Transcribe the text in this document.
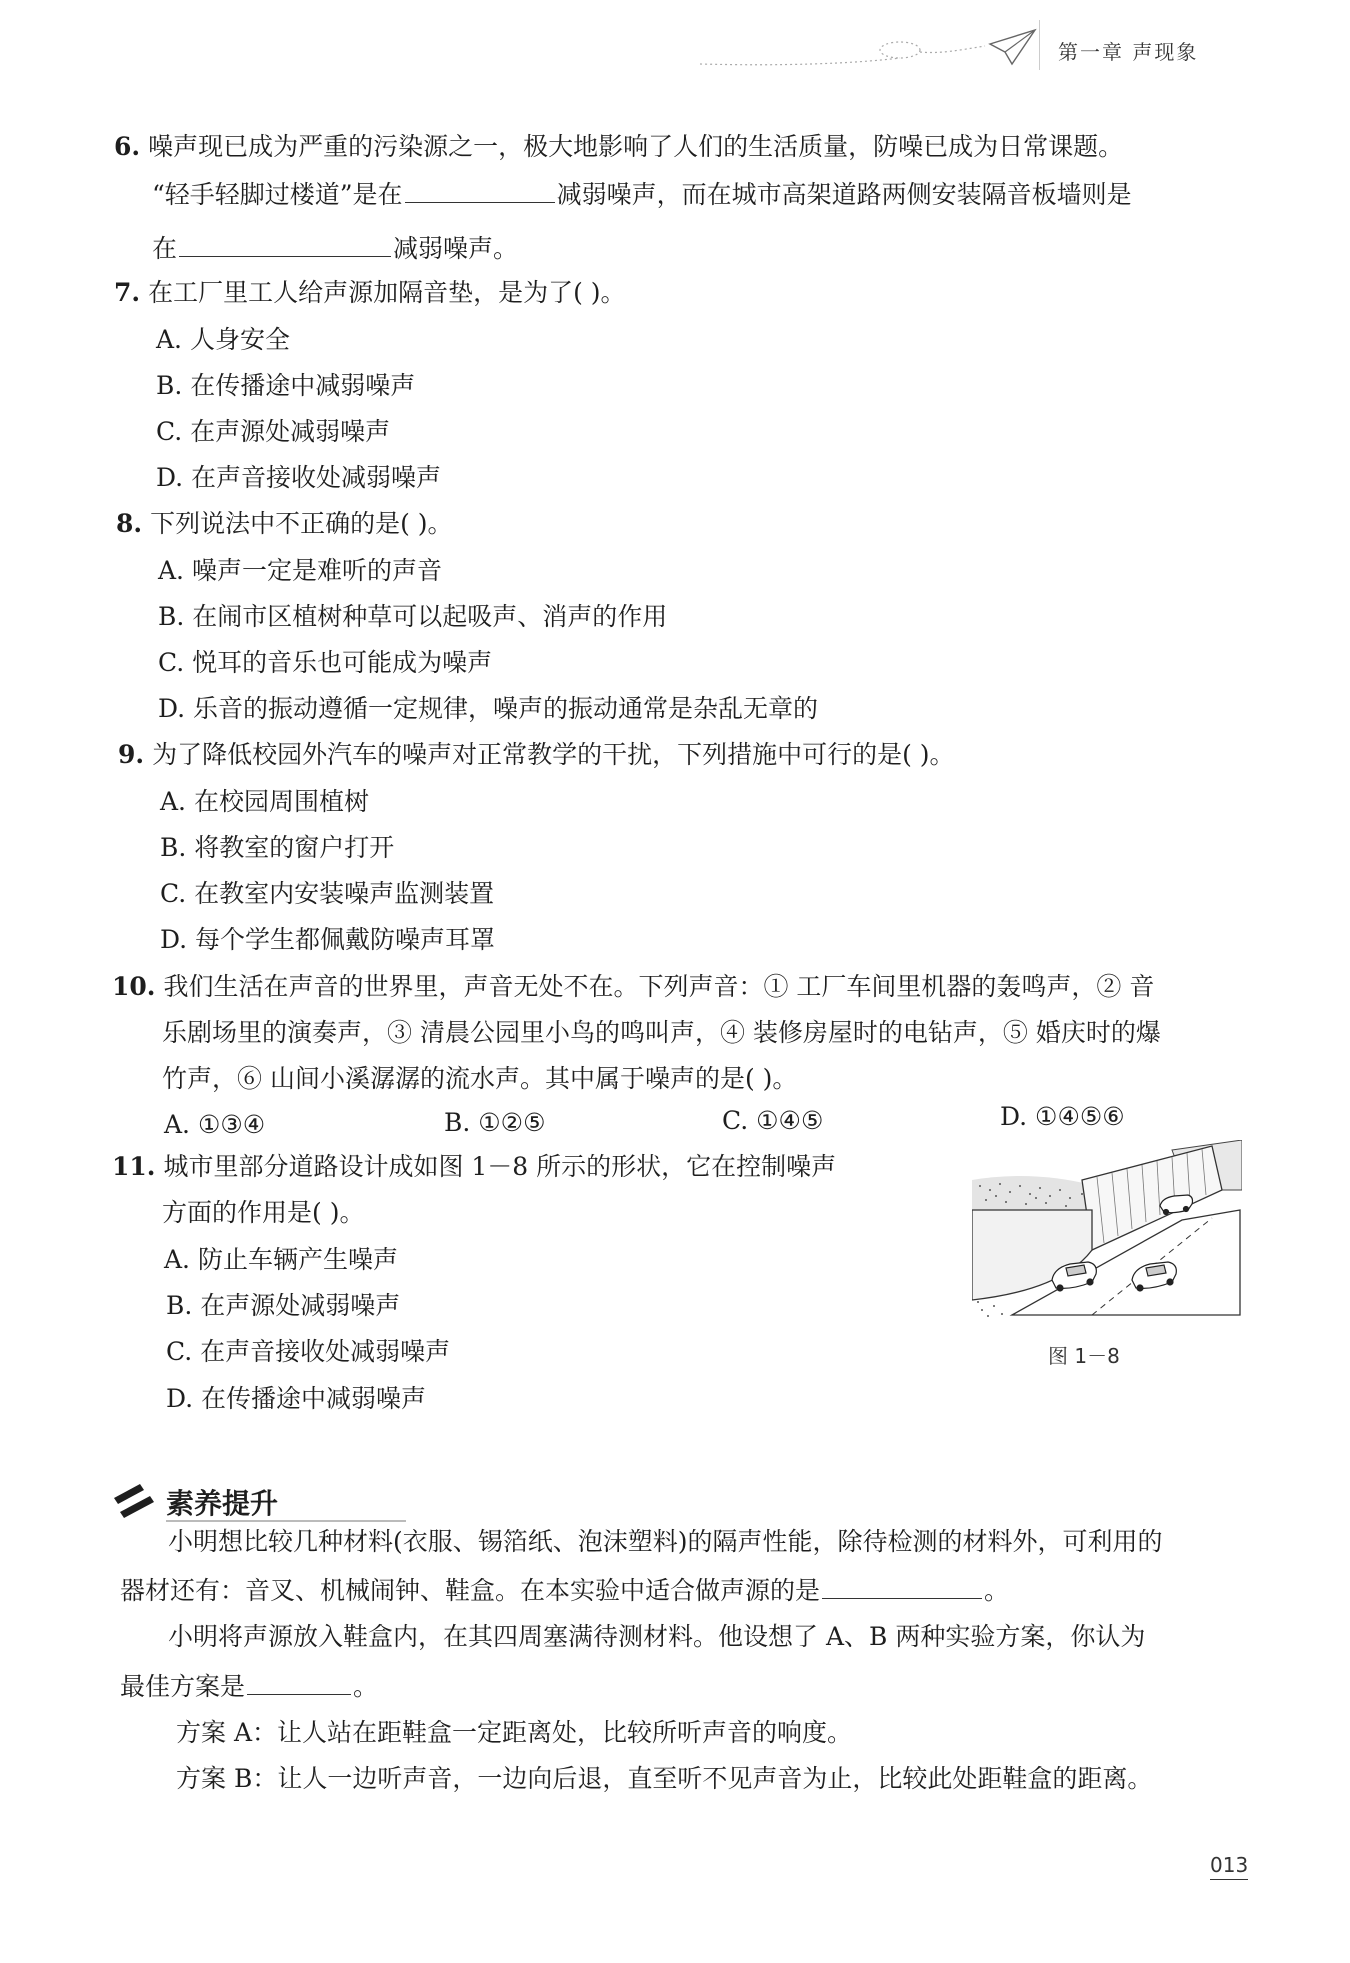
第一章 声现象
6. 噪声现已成为严重的污染源之一，极大地影响了人们的生活质量，防噪已成为日常课题。
“轻手轻脚过楼道”是在	减弱噪声，而在城市高架道路两侧安装隔音板墙则是
在	减弱噪声。
7. 在工厂里工人给声源加隔音垫，是为了( )。
A. 人身安全
B. 在传播途中减弱噪声
C. 在声源处减弱噪声
D. 在声音接收处减弱噪声
8. 下列说法中不正确的是( )。
A. 噪声一定是难听的声音
B. 在闹市区植树种草可以起吸声、消声的作用
C. 悦耳的音乐也可能成为噪声
D. 乐音的振动遵循一定规律，噪声的振动通常是杂乱无章的
9. 为了降低校园外汽车的噪声对正常教学的干扰，下列措施中可行的是( )。
A. 在校园周围植树
B. 将教室的窗户打开
C. 在教室内安装噪声监测装置
D. 每个学生都佩戴防噪声耳罩
10. 我们生活在声音的世界里，声音无处不在。下列声音：① 工厂车间里机器的轰鸣声，② 音
乐剧场里的演奏声，③ 清晨公园里小鸟的鸣叫声，④ 装修房屋时的电钻声，⑤ 婚庆时的爆
竹声，⑥ 山间小溪潺潺的流水声。其中属于噪声的是( )。
A. ①③④	B. ①②⑤	C. ①④⑤	D. ①④⑤⑥
11. 城市里部分道路设计成如图 1－8 所示的形状，它在控制噪声
方面的作用是( )。
A. 防止车辆产生噪声
B. 在声源处减弱噪声
C. 在声音接收处减弱噪声
D. 在传播途中减弱噪声
图 1－8
素养提升
小明想比较几种材料(衣服、锡箔纸、泡沫塑料)的隔声性能，除待检测的材料外，可利用的
器材还有：音叉、机械闹钟、鞋盒。在本实验中适合做声源的是	。
小明将声源放入鞋盒内，在其四周塞满待测材料。他设想了 A、B 两种实验方案，你认为
最佳方案是	。
方案 A：让人站在距鞋盒一定距离处，比较所听声音的响度。
方案 B：让人一边听声音，一边向后退，直至听不见声音为止，比较此处距鞋盒的距离。
013
